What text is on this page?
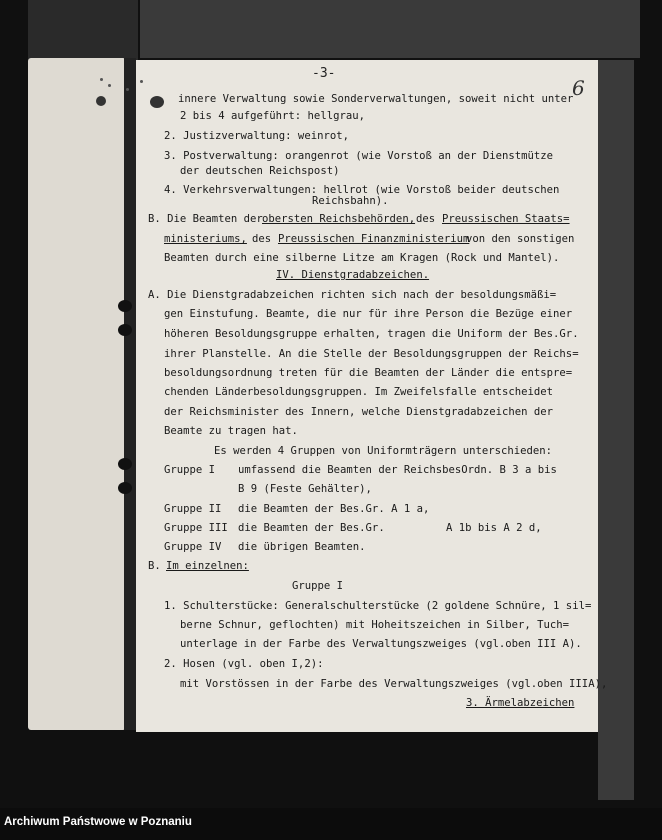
-3-
6
innere Verwaltung sowie Sonderverwaltungen, soweit nicht unter
2 bis 4 aufgeführt: hellgrau,
2. Justizverwaltung: weinrot,
3. Postverwaltung: orangenrot (wie Vorstoß an der Dienstmütze
der deutschen Reichspost)
4. Verkehrsverwaltungen: hellrot (wie Vorstoß beider deutschen
Reichsbahn).
B. Die Beamten der obersten Reichsbehörden, des Preussischen Staats=
ministeriums, des Preussischen Finanzministerium
von den sonstigen
Beamten durch eine silberne Litze am Kragen (Rock und Mantel).
IV. Dienstgradabzeichen.
A. Die Dienstgradabzeichen richten sich nach der besoldungsmäßi=
gen Einstufung. Beamte, die nur für ihre Person die Bezüge einer
höheren Besoldungsgruppe erhalten, tragen die Uniform der Bes.Gr.
ihrer Planstelle. An die Stelle der Besoldungsgruppen der Reichs=
besoldungsordnung treten für die Beamten der Länder die entspre=
chenden Länderbesoldungsgruppen. Im Zweifelsfalle entscheidet
der Reichsminister des Innern, welche Dienstgradabzeichen der
Beamte zu tragen hat.
Es werden 4 Gruppen von Uniformträgern unterschieden:
Gruppe I umfassend die Beamten der ReichsbesOrdn. B 3 a bis
B 9 (Feste Gehälter),
Gruppe II die Beamten der Bes.Gr. A 1 a,
Gruppe III die Beamten der Bes.Gr.	A 1b bis A 2 d,
Gruppe IV die übrigen Beamten.
B. Im einzelnen:
Gruppe I
1. Schulterstücke: Generalschulterstücke (2 goldene Schnüre, 1 sil=
berne Schnur, geflochten) mit Hoheitszeichen in Silber, Tuch=
unterlage in der Farbe des Verwaltungszweiges (vgl.oben III A).
2. Hosen (vgl. oben I,2):
mit Vorstössen in der Farbe des Verwaltungszweiges (vgl.oben IIIA),
3. Ärmelabzeichen
Archiwum Państwowe w Poznaniu
